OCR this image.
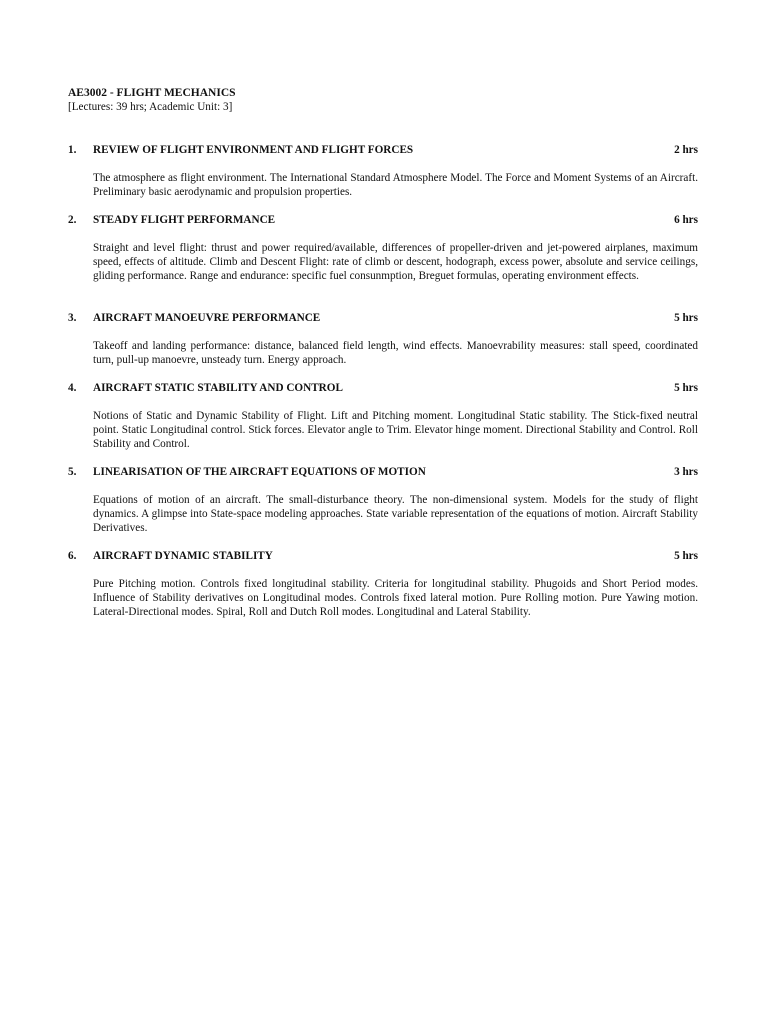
AE3002 - FLIGHT MECHANICS
[Lectures: 39 hrs; Academic Unit: 3]
1. REVIEW OF FLIGHT ENVIRONMENT AND FLIGHT FORCES	2 hrs
The atmosphere as flight environment. The International Standard Atmosphere Model. The Force and Moment Systems of an Aircraft. Preliminary basic aerodynamic and propulsion properties.
2. STEADY FLIGHT PERFORMANCE	6 hrs
Straight and level flight: thrust and power required/available, differences of propeller-driven and jet-powered airplanes, maximum speed, effects of altitude. Climb and Descent Flight: rate of climb or descent, hodograph, excess power, absolute and service ceilings, gliding performance. Range and endurance: specific fuel consunmption, Breguet formulas, operating environment effects.
3. AIRCRAFT MANOEUVRE PERFORMANCE	5 hrs
Takeoff and landing performance: distance, balanced field length, wind effects. Manoevrability measures: stall speed, coordinated turn, pull-up manoevre, unsteady turn. Energy approach.
4. AIRCRAFT STATIC STABILITY AND CONTROL	5 hrs
Notions of Static and Dynamic Stability of Flight. Lift and Pitching moment. Longitudinal Static stability. The Stick-fixed neutral point. Static Longitudinal control. Stick forces. Elevator angle to Trim. Elevator hinge moment. Directional Stability and Control. Roll Stability and Control.
5. LINEARISATION OF THE AIRCRAFT EQUATIONS OF MOTION	3 hrs
Equations of motion of an aircraft. The small-disturbance theory. The non-dimensional system. Models for the study of flight dynamics. A glimpse into State-space modeling approaches. State variable representation of the equations of motion. Aircraft Stability Derivatives.
6. AIRCRAFT DYNAMIC STABILITY	5 hrs
Pure Pitching motion. Controls fixed longitudinal stability. Criteria for longitudinal stability. Phugoids and Short Period modes. Influence of Stability derivatives on Longitudinal modes. Controls fixed lateral motion. Pure Rolling motion. Pure Yawing motion. Lateral-Directional modes. Spiral, Roll and Dutch Roll modes. Longitudinal and Lateral Stability.
